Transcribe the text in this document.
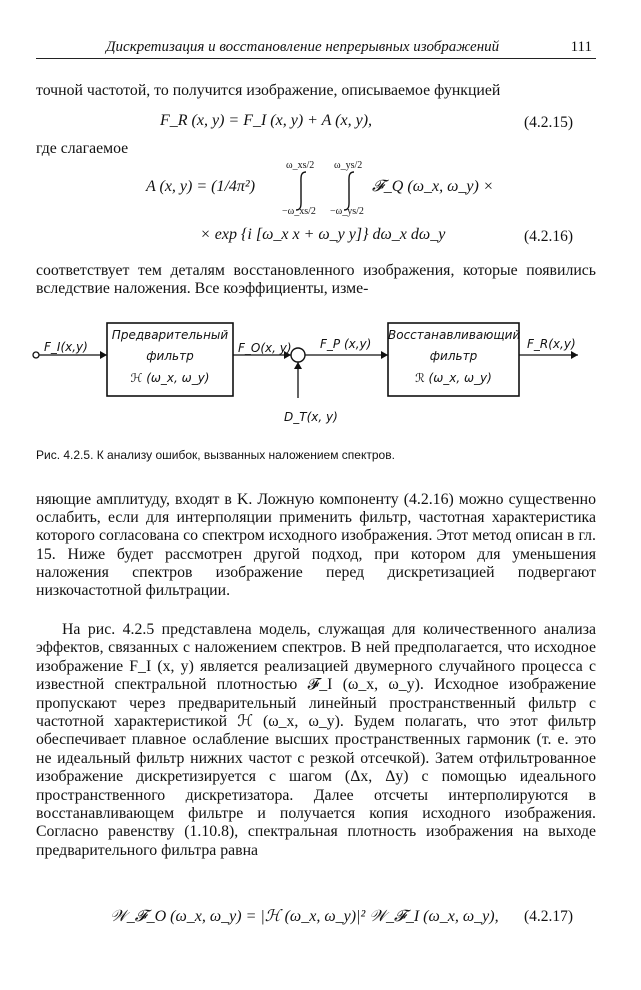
Дискретизация и восстановление непрерывных изображений	111
точной частотой, то получится изображение, описываемое функцией
F_R (x, y) = F_I (x, y) + A (x, y),	(4.2.15)
где слагаемое
A (x, y) = (1/4π²)
ω_xs/2
−ω_xs/2
ω_ys/2
−ω_ys/2
𝓕_Q (ω_x, ω_y) ×
× exp {i [ω_x x + ω_y y]} dω_x dω_y	(4.2.16)
соответствует тем деталям восстановленного изображения, которые появились вследствие наложения. Все коэффициенты, изме-
F_I(x,y)
Предварительный
фильтр
ℋ (ω_x, ω_y)
F_O(x, y) F_P (x,y)
D_T(x, y)
Восстанавливающий
фильтр
ℛ (ω_x, ω_y)
F_R(x,y)
Рис. 4.2.5. К анализу ошибок, вызванных наложением спектров.
няющие амплитуду, входят в K. Ложную компоненту (4.2.16) можно существенно ослабить, если для интерполяции применить фильтр, частотная характеристика которого согласована со спектром исходного изображения. Этот метод описан в гл. 15. Ниже будет рассмотрен другой подход, при котором для уменьшения наложения спектров изображение перед дискретизацией подвергают низкочастотной фильтрации.
На рис. 4.2.5 представлена модель, служащая для количественного анализа эффектов, связанных с наложением спектров. В ней предполагается, что исходное изображение F_I (x, y) является реализацией двумерного случайного процесса с известной спектральной плотностью 𝓕_I (ω_x, ω_y). Исходное изображение пропускают через предварительный линейный пространственный фильтр с частотной характеристикой ℋ (ω_x, ω_y). Будем полагать, что этот фильтр обеспечивает плавное ослабление высших пространственных гармоник (т. е. это не идеальный фильтр нижних частот с резкой отсечкой). Затем отфильтрованное изображение дискретизируется с шагом (Δx, Δy) с помощью идеального пространственного дискретизатора. Далее отсчеты интерполируются в восстанавливающем фильтре и получается копия исходного изображения. Согласно равенству (1.10.8), спектральная плотность изображения на выходе предварительного фильтра равна
𝒲_𝓕_O (ω_x, ω_y) = |ℋ (ω_x, ω_y)|² 𝒲_𝓕_I (ω_x, ω_y), (4.2.17)
